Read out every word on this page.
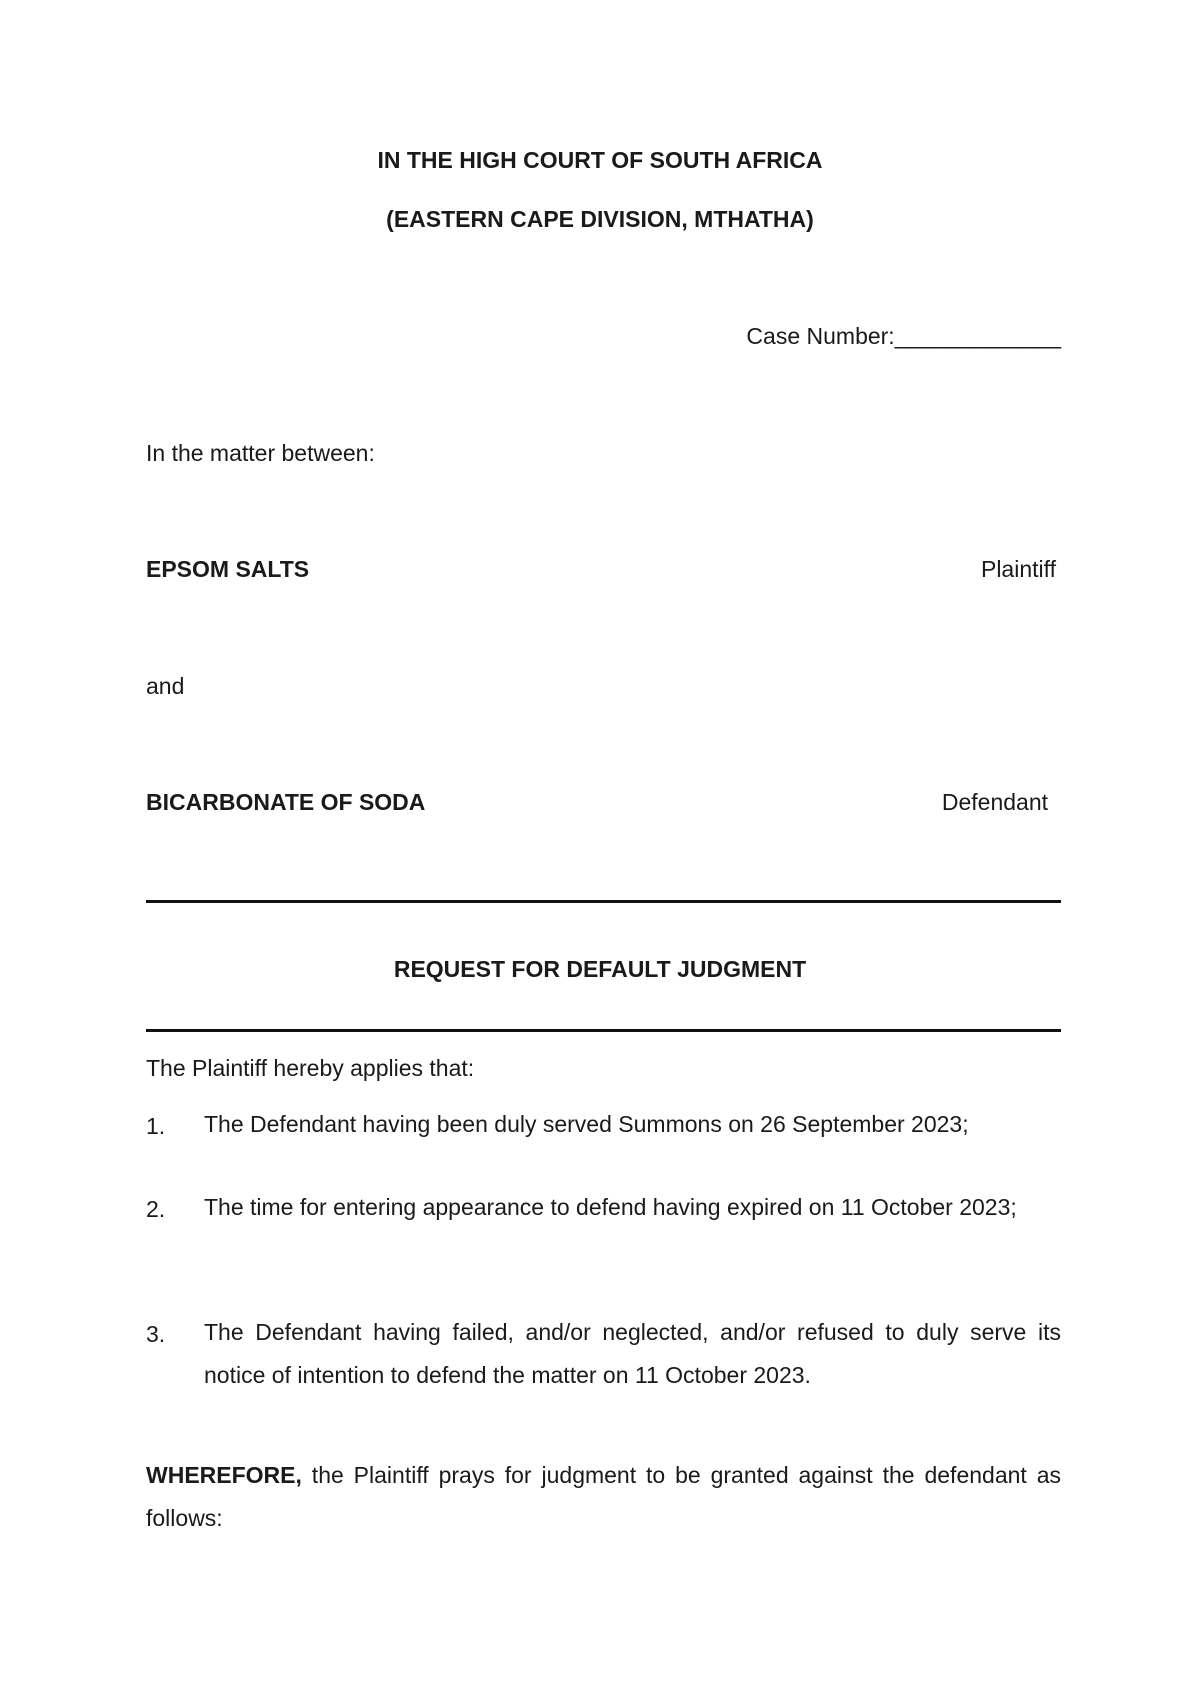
IN THE HIGH COURT OF SOUTH AFRICA
(EASTERN CAPE DIVISION, MTHATHA)
Case Number:_____________
In the matter between:
EPSOM SALTS	Plaintiff
and
BICARBONATE OF SODA	Defendant
REQUEST FOR DEFAULT JUDGMENT
The Plaintiff hereby applies that:
1. The Defendant having been duly served Summons on 26 September 2023;
2. The time for entering appearance to defend having expired on 11 October 2023;
3. The Defendant having failed, and/or neglected, and/or refused to duly serve its notice of intention to defend the matter on 11 October 2023.
WHEREFORE, the Plaintiff prays for judgment to be granted against the defendant as follows:
